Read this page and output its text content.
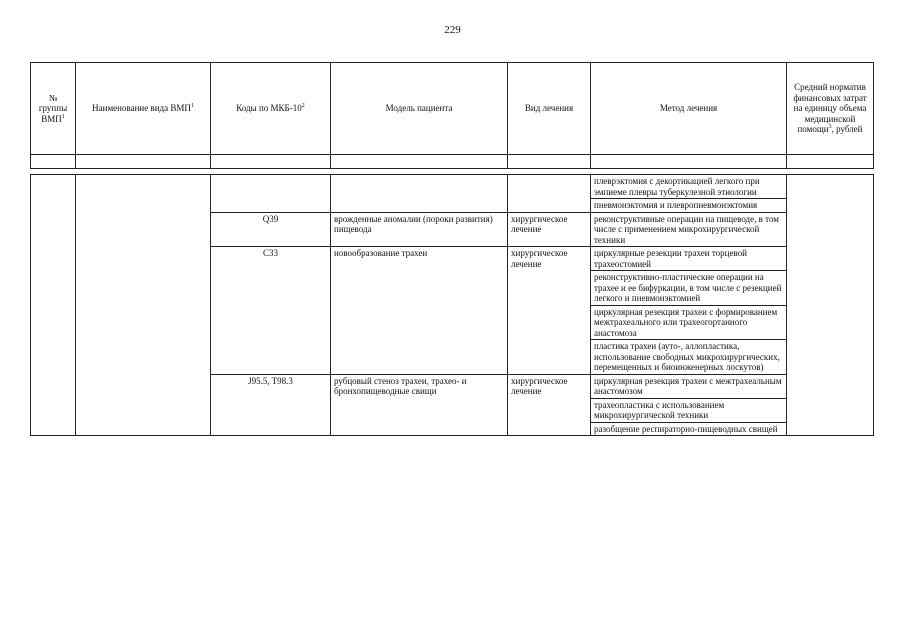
229
№
группы
ВМП$^1$	Наименование вида ВМП$^1$	Коды по МКБ-$10^2$	Модель пациента	Вид лечения	Метод лечения	Средний норматив финансовых затрат на единицу объема медицинской помощи$^3$, рублей

					плеврэктомия с декортикацией легкого при эмпиеме плевры туберкулезной этиологии	
					пневмонэктомия и плевропневмонэктомия	
		Q39	врожденные аномалии (пороки развития) пищевода	хирургическое лечение	реконструктивные операции на пищеводе, в том числе с применением микрохирургической техники	
		C33	новообразование трахеи	хирургическое лечение	циркулярные резекции трахеи торцевой трахеостомией	
					реконструктивно-пластические операции на трахее и ее бифуркации, в том числе с резекцией легкого и пневмонэктомией	
					циркулярная резекция трахеи с формированием межтрахеального или трахеогортанного анастомоза	
					пластика трахеи (ауто-, аллопластика, использование свободных микрохирургических, перемещенных и биоинженерных лоскутов)	
		J95.5, T98.3	рубцовый стеноз трахеи, трахео- и бронхопищеводные свищи	хирургическое лечение	циркулярная резекция трахеи с межтрахеальным анастомозом	
					трахеопластика с использованием микрохирургической техники	
					разобщение респираторно-пищеводных свищей	
